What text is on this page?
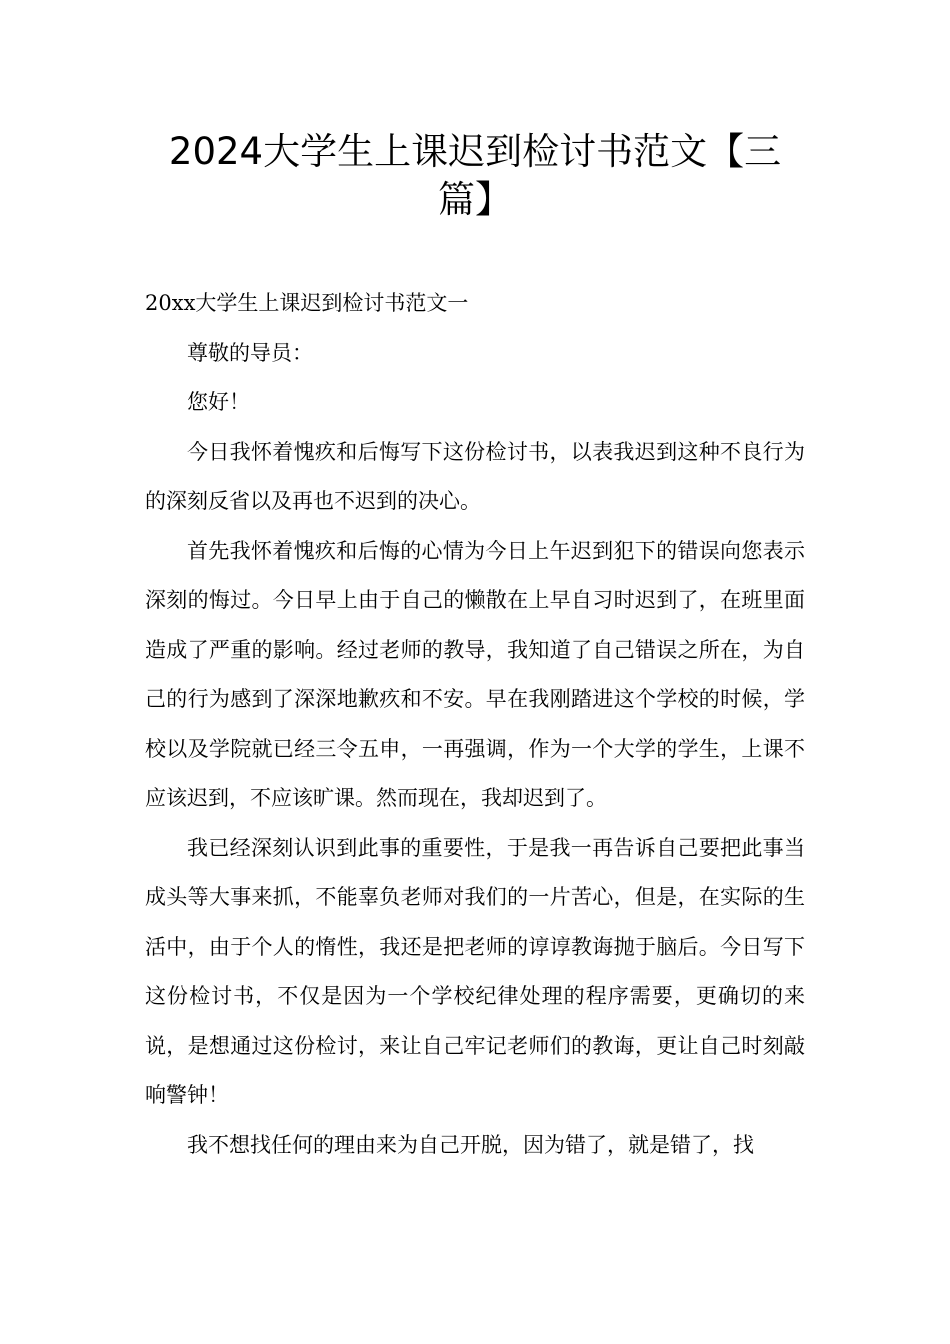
2024大学生上课迟到检讨书范文【三篇】

20xx大学生上课迟到检讨书范文一

尊敬的导员：

您好！

今日我怀着愧疚和后悔写下这份检讨书，以表我迟到这种不良行为的深刻反省以及再也不迟到的决心。

首先我怀着愧疚和后悔的心情为今日上午迟到犯下的错误向您表示深刻的悔过。今日早上由于自己的懒散在上早自习时迟到了，在班里面造成了严重的影响。经过老师的教导，我知道了自己错误之所在，为自己的行为感到了深深地歉疚和不安。早在我刚踏进这个学校的时候，学校以及学院就已经三令五申，一再强调，作为一个大学的学生，上课不应该迟到，不应该旷课。然而现在，我却迟到了。

我已经深刻认识到此事的重要性，于是我一再告诉自己要把此事当成头等大事来抓，不能辜负老师对我们的一片苦心，但是，在实际的生活中，由于个人的惰性，我还是把老师的谆谆教诲抛于脑后。今日写下这份检讨书，不仅是因为一个学校纪律处理的程序需要，更确切的来说，是想通过这份检讨，来让自己牢记老师们的教诲，更让自己时刻敲响警钟！

我不想找任何的理由来为自己开脱，因为错了，就是错了，找
